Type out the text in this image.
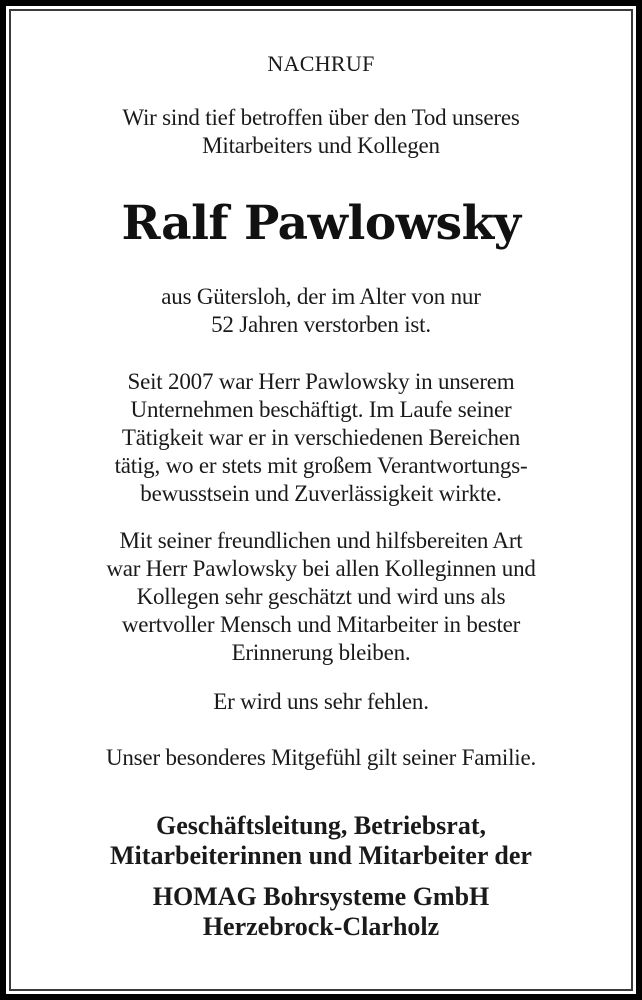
NACHRUF

Wir sind tief betroffen über den Tod unseres

Mitarbeiters und Kollegen

Ralf Pawlowsky

aus Gütersloh, der im Alter von nur

52 Jahren verstorben ist.

Seit 2007 war Herr Pawlowsky in unserem

Unternehmen beschäftigt. Im Laufe seiner

Tätigkeit war er in verschiedenen Bereichen

tätig, wo er stets mit großem Verantwortungs-

bewusstsein und Zuverlässigkeit wirkte.

Mit seiner freundlichen und hilfsbereiten Art

war Herr Pawlowsky bei allen Kolleginnen und

Kollegen sehr geschätzt und wird uns als

wertvoller Mensch und Mitarbeiter in bester

Erinnerung bleiben.

Er wird uns sehr fehlen.

Unser besonderes Mitgefühl gilt seiner Familie.

Geschäftsleitung, Betriebsrat,

Mitarbeiterinnen und Mitarbeiter der

HOMAG Bohrsysteme GmbH

Herzebrock-Clarholz
